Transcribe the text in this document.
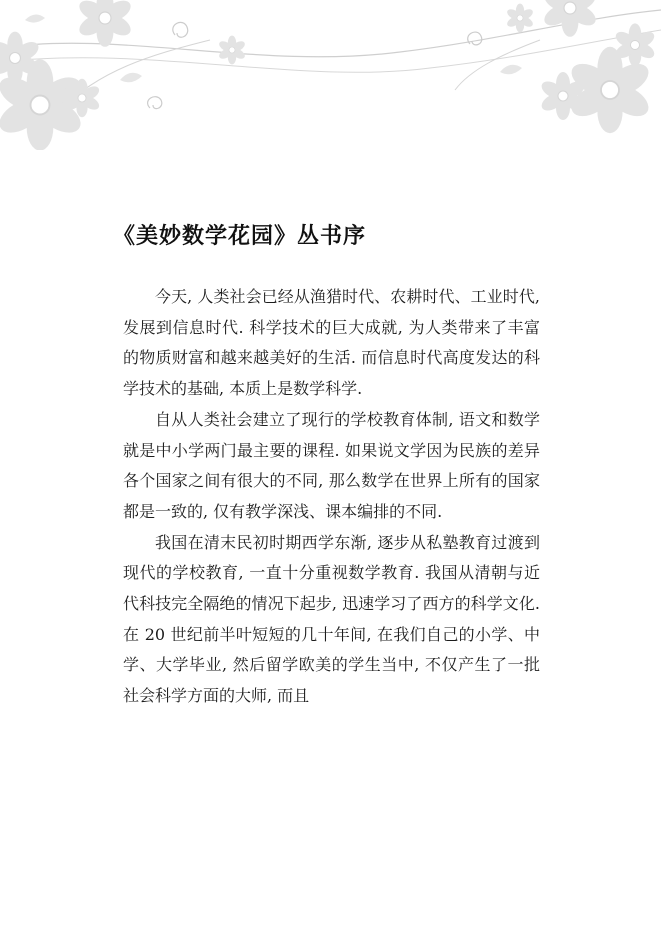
《美妙数学花园》丛书序

今天, 人类社会已经从渔猎时代、农耕时代、工业时代, 发展到信息时代. 科学技术的巨大成就, 为人类带来了丰富的物质财富和越来越美好的生活. 而信息时代高度发达的科学技术的基础, 本质上是数学科学.

自从人类社会建立了现行的学校教育体制, 语文和数学就是中小学两门最主要的课程. 如果说文学因为民族的差异各个国家之间有很大的不同, 那么数学在世界上所有的国家都是一致的, 仅有教学深浅、课本编排的不同.

我国在清末民初时期西学东渐, 逐步从私塾教育过渡到现代的学校教育, 一直十分重视数学教育. 我国从清朝与近代科技完全隔绝的情况下起步, 迅速学习了西方的科学文化. 在 20 世纪前半叶短短的几十年间, 在我们自己的小学、中学、大学毕业, 然后留学欧美的学生当中, 不仅产生了一批社会科学方面的大师, 而且
